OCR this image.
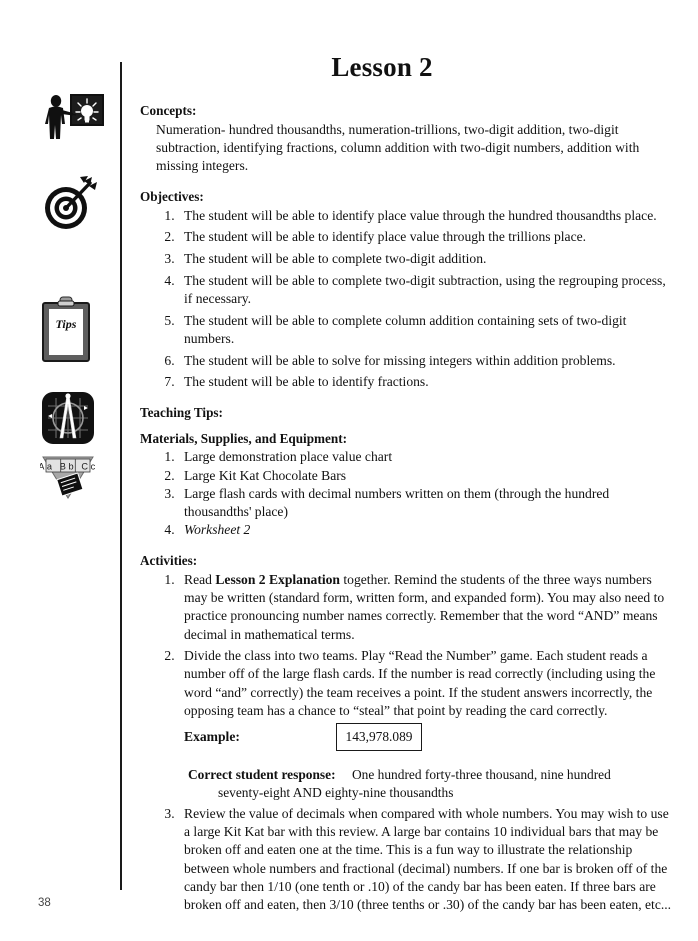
Tips
Aa Bb Cc
38
Lesson 2
Concepts:

Numeration- hundred thousandths, numeration-trillions, two-digit addition, two-digit subtraction, identifying fractions, column addition with two-digit numbers, addition with missing integers.

Objectives:
1. The student will be able to identify place value through the hundred thousandths place.
2. The student will be able to identify place value through the trillions place.
3. The student will be able to complete two-digit addition.
4. The student will be able to complete two-digit subtraction, using the regrouping process, if necessary.
5. The student will be able to complete column addition containing sets of two-digit numbers.
6. The student will be able to solve for missing integers within addition problems.
7. The student will be able to identify fractions.
Teaching Tips:
Materials, Supplies, and Equipment:
1. Large demonstration place value chart
2. Large Kit Kat Chocolate Bars
3. Large flash cards with decimal numbers written on them (through the hundred thousandths' place)
4. Worksheet 2
Activities:
1. Read Lesson 2 Explanation together. Remind the students of the three ways numbers may be written (standard form, written form, and expanded form). You may also need to practice pronouncing number names correctly. Remember that the word “AND” means decimal in mathematical terms.
2. Divide the class into two teams. Play “Read the Number” game. Each student reads a number off of the large flash cards. If the number is read correctly (including using the word “and” correctly) the team receives a point. If the student answers incorrectly, the opposing team has a chance to “steal” that point by reading the card correctly.
Example:	143,978.089
Correct student response: One hundred forty-three thousand, nine hundred
seventy-eight AND eighty-nine thousandths
3. Review the value of decimals when compared with whole numbers. You may wish to use a large Kit Kat bar with this review. A large bar contains 10 individual bars that may be broken off and eaten one at the time. This is a fun way to illustrate the relationship between whole numbers and fractional (decimal) numbers. If one bar is broken off of the candy bar then 1/10 (one tenth or .10) of the candy bar has been eaten. If three bars are broken off and eaten, then 3/10 (three tenths or .30) of the candy bar has been eaten, etc...
